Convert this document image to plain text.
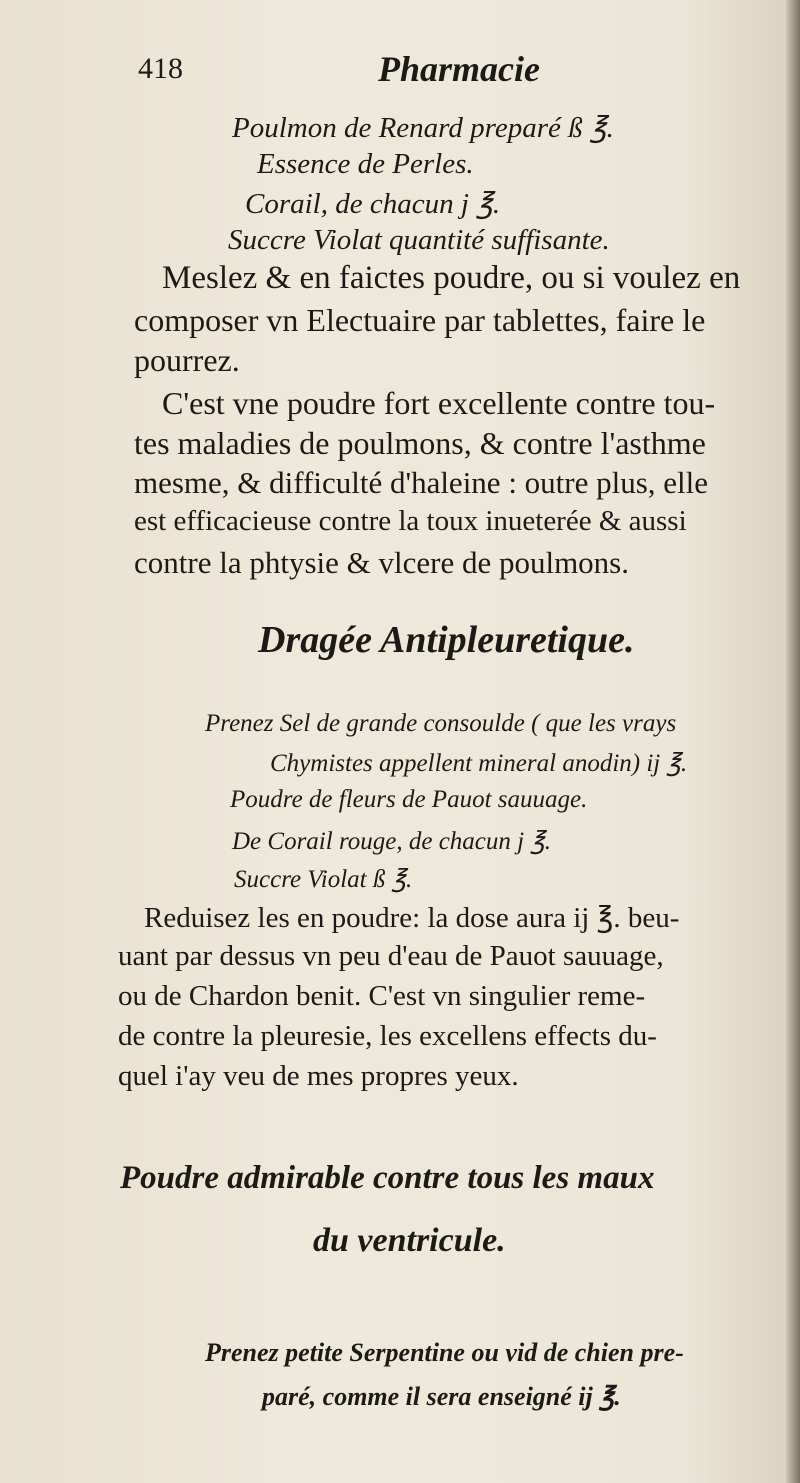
418	Pharmacie
Poulmon de Renard preparé ß ℥.
Essence de Perles.
Corail, de chacun j ℥.
Succre Violat quantité suffisante.
Meslez & en faictes poudre, ou si voulez en
composer vn Electuaire par tablettes, faire le
pourrez.
C'est vne poudre fort excellente contre tou-
tes maladies de poulmons, & contre l'asthme
mesme, & difficulté d'haleine : outre plus, elle
est efficacieuse contre la toux inueterée & aussi
contre la phtysie & vlcere de poulmons.
Dragée Antipleuretique.
Prenez Sel de grande consoulde ( que les vrays
Chymistes appellent mineral anodin) ij ℥.
Poudre de fleurs de Pauot sauuage.
De Corail rouge, de chacun j ℥.
Succre Violat ß ℥.
Reduisez les en poudre: la dose aura ij ℥. beu-
uant par dessus vn peu d'eau de Pauot sauuage,
ou de Chardon benit. C'est vn singulier reme-
de contre la pleuresie, les excellens effects du-
quel i'ay veu de mes propres yeux.
Poudre admirable contre tous les maux
du ventricule.
Prenez petite Serpentine ou vid de chien pre-
paré, comme il sera enseigné ij ℥.
